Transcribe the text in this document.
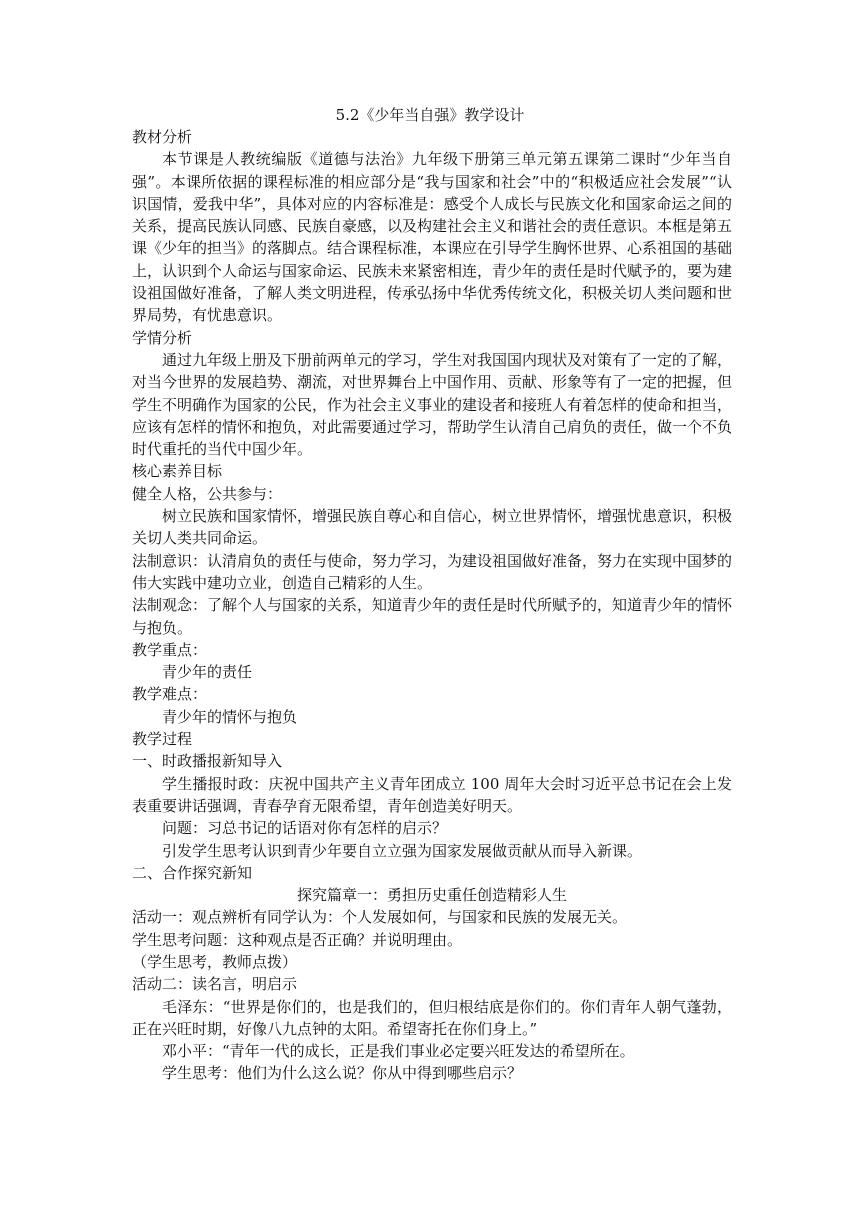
5.2《少年当自强》教学设计

教材分析

本节课是人教统编版《道德与法治》九年级下册第三单元第五课第二课时“少年当自强”。本课所依据的课程标准的相应部分是“我与国家和社会”中的“积极适应社会发展”“认识国情，爱我中华”，具体对应的内容标准是：感受个人成长与民族文化和国家命运之间的关系，提高民族认同感、民族自豪感，以及构建社会主义和谐社会的责任意识。本框是第五课《少年的担当》的落脚点。结合课程标准，本课应在引导学生胸怀世界、心系祖国的基础上，认识到个人命运与国家命运、民族未来紧密相连，青少年的责任是时代赋予的，要为建设祖国做好准备，了解人类文明进程，传承弘扬中华优秀传统文化，积极关切人类问题和世界局势，有忧患意识。

学情分析

通过九年级上册及下册前两单元的学习，学生对我国国内现状及对策有了一定的了解，对当今世界的发展趋势、潮流，对世界舞台上中国作用、贡献、形象等有了一定的把握，但学生不明确作为国家的公民，作为社会主义事业的建设者和接班人有着怎样的使命和担当，应该有怎样的情怀和抱负，对此需要通过学习，帮助学生认清自己肩负的责任，做一个不负时代重托的当代中国少年。

核心素养目标

健全人格，公共参与：

树立民族和国家情怀，增强民族自尊心和自信心，树立世界情怀，增强忧患意识，积极关切人类共同命运。

法制意识：认清肩负的责任与使命，努力学习，为建设祖国做好准备，努力在实现中国梦的伟大实践中建功立业，创造自己精彩的人生。

法制观念：了解个人与国家的关系，知道青少年的责任是时代所赋予的，知道青少年的情怀与抱负。

教学重点：

青少年的责任

教学难点：

青少年的情怀与抱负

教学过程

一、时政播报新知导入

学生播报时政：庆祝中国共产主义青年团成立 100 周年大会时习近平总书记在会上发表重要讲话强调，青春孕育无限希望，青年创造美好明天。

问题：习总书记的话语对你有怎样的启示？

引发学生思考认识到青少年要自立立强为国家发展做贡献从而导入新课。

二、合作探究新知

探究篇章一：勇担历史重任创造精彩人生

活动一：观点辨析有同学认为：个人发展如何，与国家和民族的发展无关。

学生思考问题：这种观点是否正确？并说明理由。

（学生思考，教师点拨）

活动二：读名言，明启示

毛泽东：“世界是你们的，也是我们的，但归根结底是你们的。你们青年人朝气蓬勃，正在兴旺时期，好像八九点钟的太阳。希望寄托在你们身上。”

邓小平：“青年一代的成长，正是我们事业必定要兴旺发达的希望所在。

学生思考：他们为什么这么说？你从中得到哪些启示？
